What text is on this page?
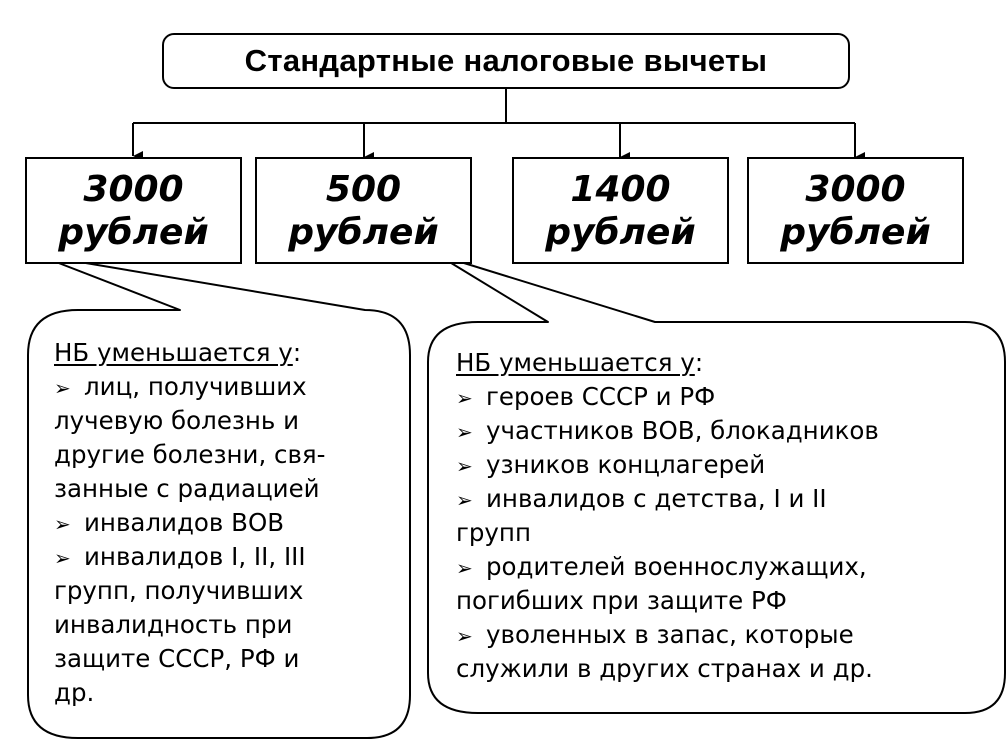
Стандартные налоговые вычеты
3000
рублей
500
рублей
1400
рублей
3000
рублей
НБ уменьшается у:
➢ лиц, получивших
лучевую болезнь и
другие болезни, свя-
занные с радиацией
➢ инвалидов ВОВ
➢ инвалидов I, II, III
групп, получивших
инвалидность при
защите СССР, РФ и
др.
НБ уменьшается у:
➢ героев СССР и РФ
➢ участников ВОВ, блокадников
➢ узников концлагерей
➢ инвалидов с детства, I и II
групп
➢ родителей военнослужащих,
погибших при защите РФ
➢ уволенных в запас, которые
служили в других странах и др.
